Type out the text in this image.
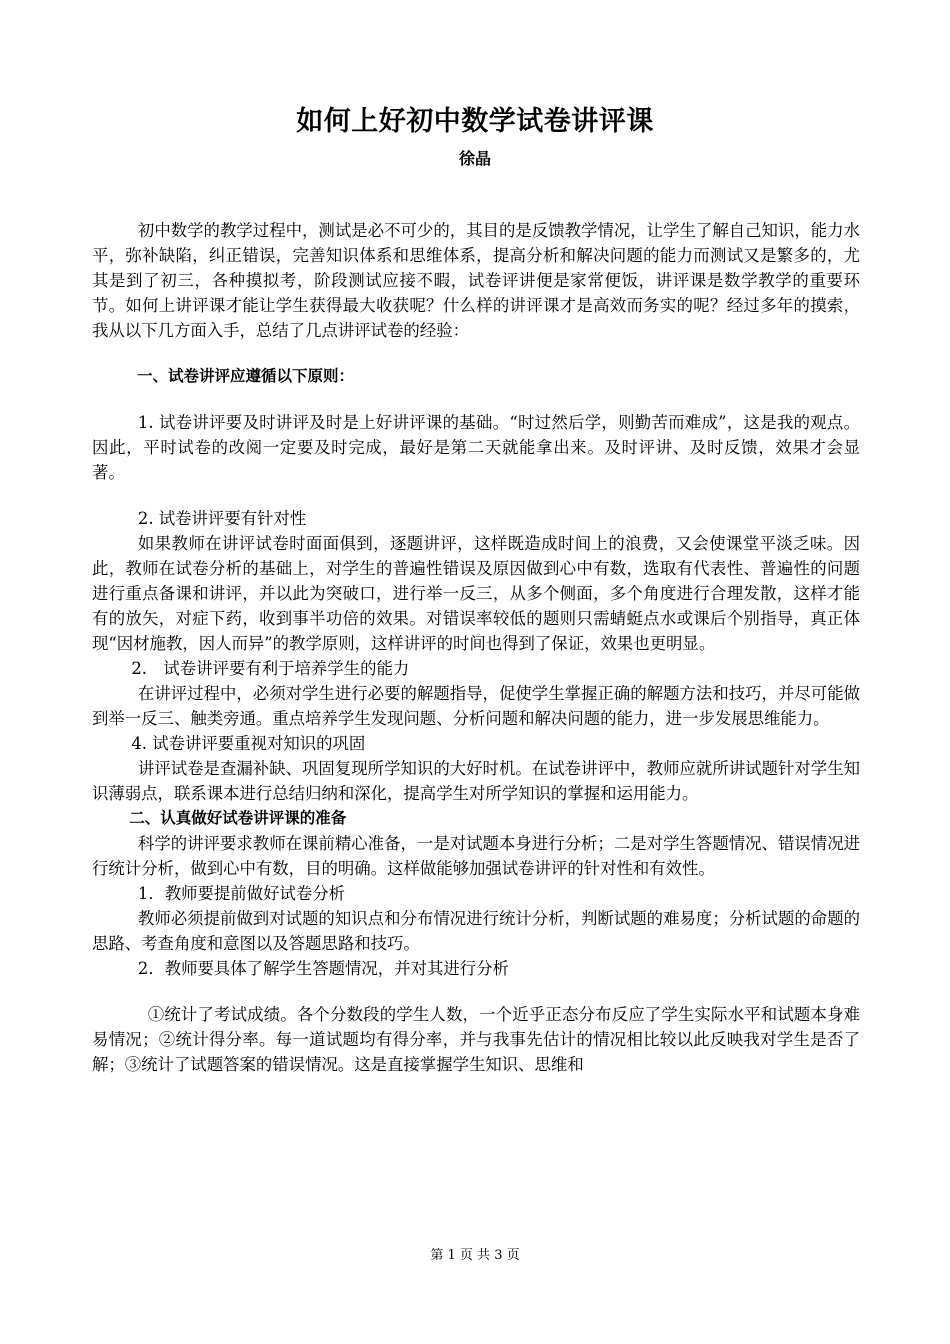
如何上好初中数学试卷讲评课
徐晶

初中数学的教学过程中，测试是必不可少的，其目的是反馈教学情况，让学生了解自己知识，能力水平，弥补缺陷，纠正错误，完善知识体系和思维体系，提高分析和解决问题的能力而测试又是繁多的，尤其是到了初三，各种摸拟考，阶段测试应接不暇，试卷评讲便是家常便饭，讲评课是数学教学的重要环节。如何上讲评课才能让学生获得最大收获呢？什么样的讲评课才是高效而务实的呢？经过多年的摸索，我从以下几方面入手，总结了几点讲评试卷的经验：

一、试卷讲评应遵循以下原则：

1. 试卷讲评要及时讲评及时是上好讲评课的基础。“时过然后学，则勤苦而难成”，这是我的观点。因此，平时试卷的改阅一定要及时完成，最好是第二天就能拿出来。及时评讲、及时反馈，效果才会显著。

2. 试卷讲评要有针对性

如果教师在讲评试卷时面面俱到，逐题讲评，这样既造成时间上的浪费，又会使课堂平淡乏味。因此，教师在试卷分析的基础上，对学生的普遍性错误及原因做到心中有数，选取有代表性、普遍性的问题进行重点备课和讲评，并以此为突破口，进行举一反三，从多个侧面，多个角度进行合理发散，这样才能有的放矢，对症下药，收到事半功倍的效果。对错误率较低的题则只需蜻蜓点水或课后个别指导，真正体现“因材施教，因人而异”的教学原则，这样讲评的时间也得到了保证，效果也更明显。

2.　试卷讲评要有利于培养学生的能力

在讲评过程中，必须对学生进行必要的解题指导，促使学生掌握正确的解题方法和技巧，并尽可能做到举一反三、触类旁通。重点培养学生发现问题、分析问题和解决问题的能力，进一步发展思维能力。

4. 试卷讲评要重视对知识的巩固

讲评试卷是查漏补缺、巩固复现所学知识的大好时机。在试卷讲评中，教师应就所讲试题针对学生知识薄弱点，联系课本进行总结归纳和深化，提高学生对所学知识的掌握和运用能力。

二、认真做好试卷讲评课的准备

科学的讲评要求教师在课前精心准备，一是对试题本身进行分析；二是对学生答题情况、错误情况进行统计分析，做到心中有数，目的明确。这样做能够加强试卷讲评的针对性和有效性。

1．教师要提前做好试卷分析

教师必须提前做到对试题的知识点和分布情况进行统计分析，判断试题的难易度；分析试题的命题的思路、考查角度和意图以及答题思路和技巧。

2．教师要具体了解学生答题情况，并对其进行分析

①统计了考试成绩。各个分数段的学生人数，一个近乎正态分布反应了学生实际水平和试题本身难易情况；②统计得分率。每一道试题均有得分率，并与我事先估计的情况相比较以此反映我对学生是否了解；③统计了试题答案的错误情况。这是直接掌握学生知识、思维和

第 1 页 共 3 页
